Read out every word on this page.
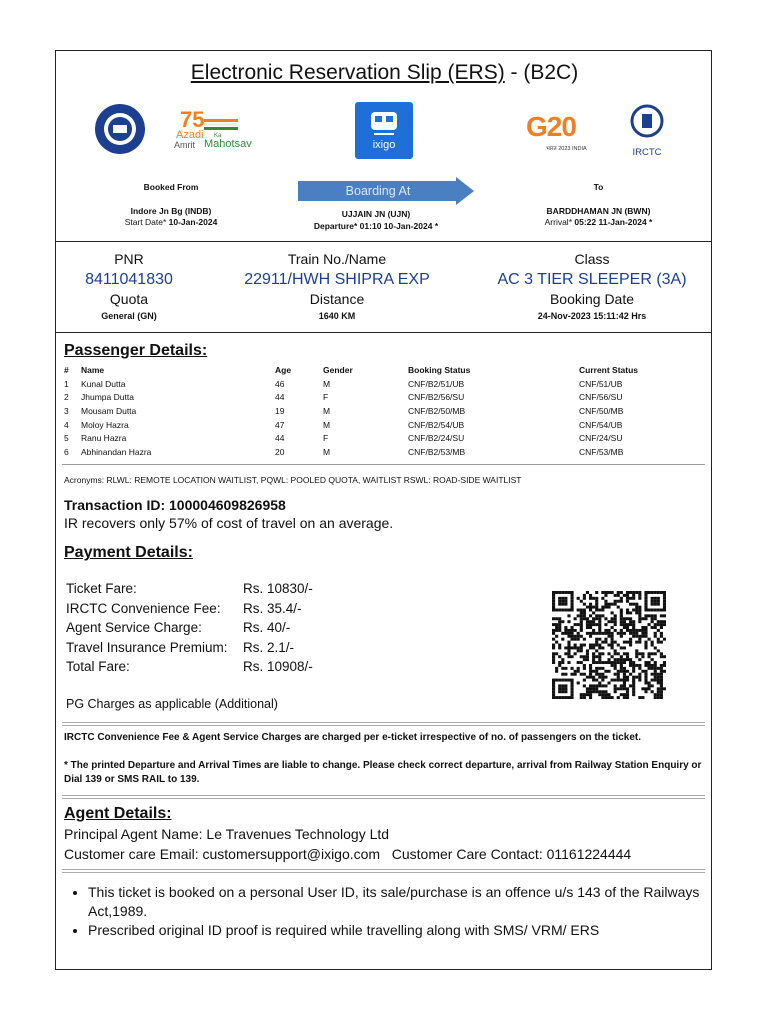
Electronic Reservation Slip (ERS) - (B2C)
75
Azadi Ka
Amrit Mahotsav	ixigo
G20
भारत 2023 INDIA	IRCTC
Booked From
Indore Jn Bg (INDB)
Start Date* 10-Jan-2024
Boarding At
UJJAIN JN (UJN)
Departure* 01:10 10-Jan-2024 *
To
BARDDHAMAN JN (BWN)
Arrival* 05:22 11-Jan-2024 *
PNR
8411041830
Quota
General (GN)
Train No./Name
22911/HWH SHIPRA EXP
Distance
1640 KM
Class
AC 3 TIER SLEEPER (3A)
Booking Date
24-Nov-2023 15:11:42 Hrs
Passenger Details:
#	Name	Age	Gender	Booking Status	Current Status
1	Kunal Dutta	46	M	CNF/B2/51/UB	CNF/51/UB
2	Jhumpa Dutta	44	F	CNF/B2/56/SU	CNF/56/SU
3	Mousam Dutta	19	M	CNF/B2/50/MB	CNF/50/MB
4	Moloy Hazra	47	M	CNF/B2/54/UB	CNF/54/UB
5	Ranu Hazra	44	F	CNF/B2/24/SU	CNF/24/SU
6	Abhinandan Hazra	20	M	CNF/B2/53/MB	CNF/53/MB
Acronyms: RLWL: REMOTE LOCATION WAITLIST, PQWL: POOLED QUOTA, WAITLIST RSWL: ROAD-SIDE WAITLIST
Transaction ID: 100004609826958
IR recovers only 57% of cost of travel on an average.
Payment Details:
Ticket Fare:	Rs. 10830/-
IRCTC Convenience Fee:	Rs. 35.4/-
Agent Service Charge:	Rs. 40/-
Travel Insurance Premium:	Rs. 2.1/-
Total Fare:	Rs. 10908/-
PG Charges as applicable (Additional)
IRCTC Convenience Fee & Agent Service Charges are charged per e-ticket irrespective of no. of passengers on the ticket.
* The printed Departure and Arrival Times are liable to change. Please check correct departure, arrival from Railway Station Enquiry or Dial 139 or SMS RAIL to 139.
Agent Details:
Principal Agent Name: Le Travenues Technology Ltd
Customer care Email: customersupport@ixigo.com   Customer Care Contact: 01161224444
• This ticket is booked on a personal User ID, its sale/purchase is an offence u/s 143 of the Railways Act,1989.
• Prescribed original ID proof is required while travelling along with SMS/ VRM/ ERS
